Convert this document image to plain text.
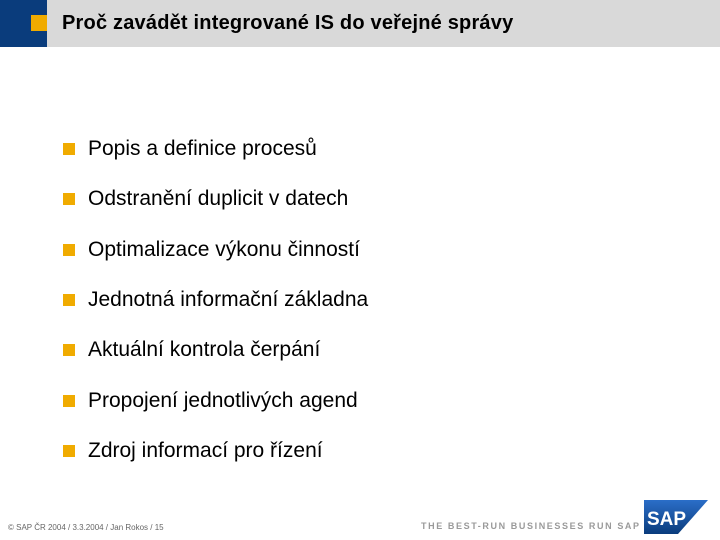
Proč zavádět integrované IS do veřejné správy
Popis a definice procesů
Odstranění duplicit v datech
Optimalizace výkonu činností
Jednotná informační základna
Aktuální kontrola čerpání
Propojení jednotlivých agend
Zdroj informací pro řízení
© SAP ČR 2004 / 3.3.2004 / Jan Rokos / 15	THE BEST-RUN BUSINESSES RUN SAP SAP
